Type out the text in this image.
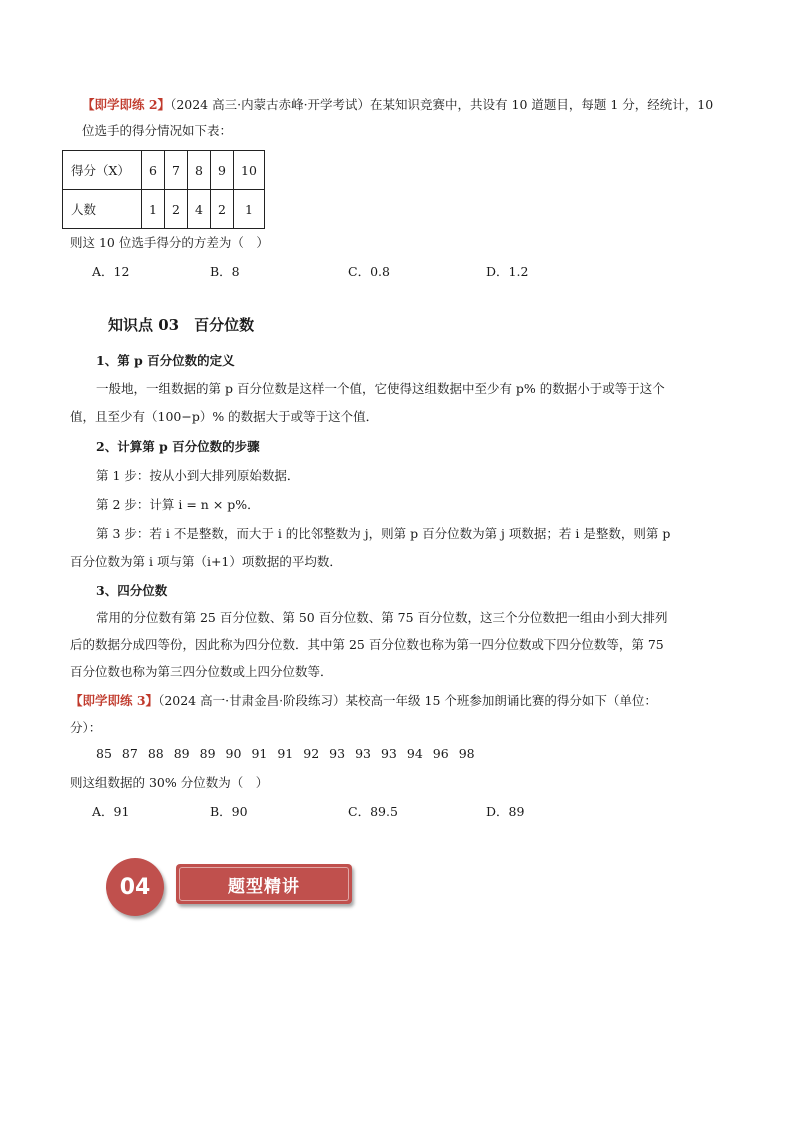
【即学即练 2】（2024 高三·内蒙古赤峰·开学考试）在某知识竞赛中，共设有 10 道题目，每题 1 分，经统计，10
位选手的得分情况如下表：
得分（X）	6	7	8	9	10
人数	1	2	4	2	1
则这 10 位选手得分的方差为（　）
A．12	B．8	C．0.8	D．1.2
知识点 03　百分位数
1、第 p 百分位数的定义
一般地，一组数据的第 p 百分位数是这样一个值，它使得这组数据中至少有 p% 的数据小于或等于这个
值，且至少有（100−p）% 的数据大于或等于这个值．
2、计算第 p 百分位数的步骤
第 1 步：按从小到大排列原始数据．
第 2 步：计算 i = n × p%．
第 3 步：若 i 不是整数，而大于 i 的比邻整数为 j，则第 p 百分位数为第 j 项数据；若 i 是整数，则第 p
百分位数为第 i 项与第（i+1）项数据的平均数．
3、四分位数
常用的分位数有第 25 百分位数、第 50 百分位数、第 75 百分位数，这三个分位数把一组由小到大排列
后的数据分成四等份，因此称为四分位数．其中第 25 百分位数也称为第一四分位数或下四分位数等，第 75
百分位数也称为第三四分位数或上四分位数等．
【即学即练 3】（2024 高一·甘肃金昌·阶段练习）某校高一年级 15 个班参加朗诵比赛的得分如下（单位：
分）：
85 87 88 89 89 90 91 91 92 93 93 93 94 96 98
则这组数据的 30% 分位数为（　）
A．91	B．90	C．89.5	D．89
04	题型精讲
